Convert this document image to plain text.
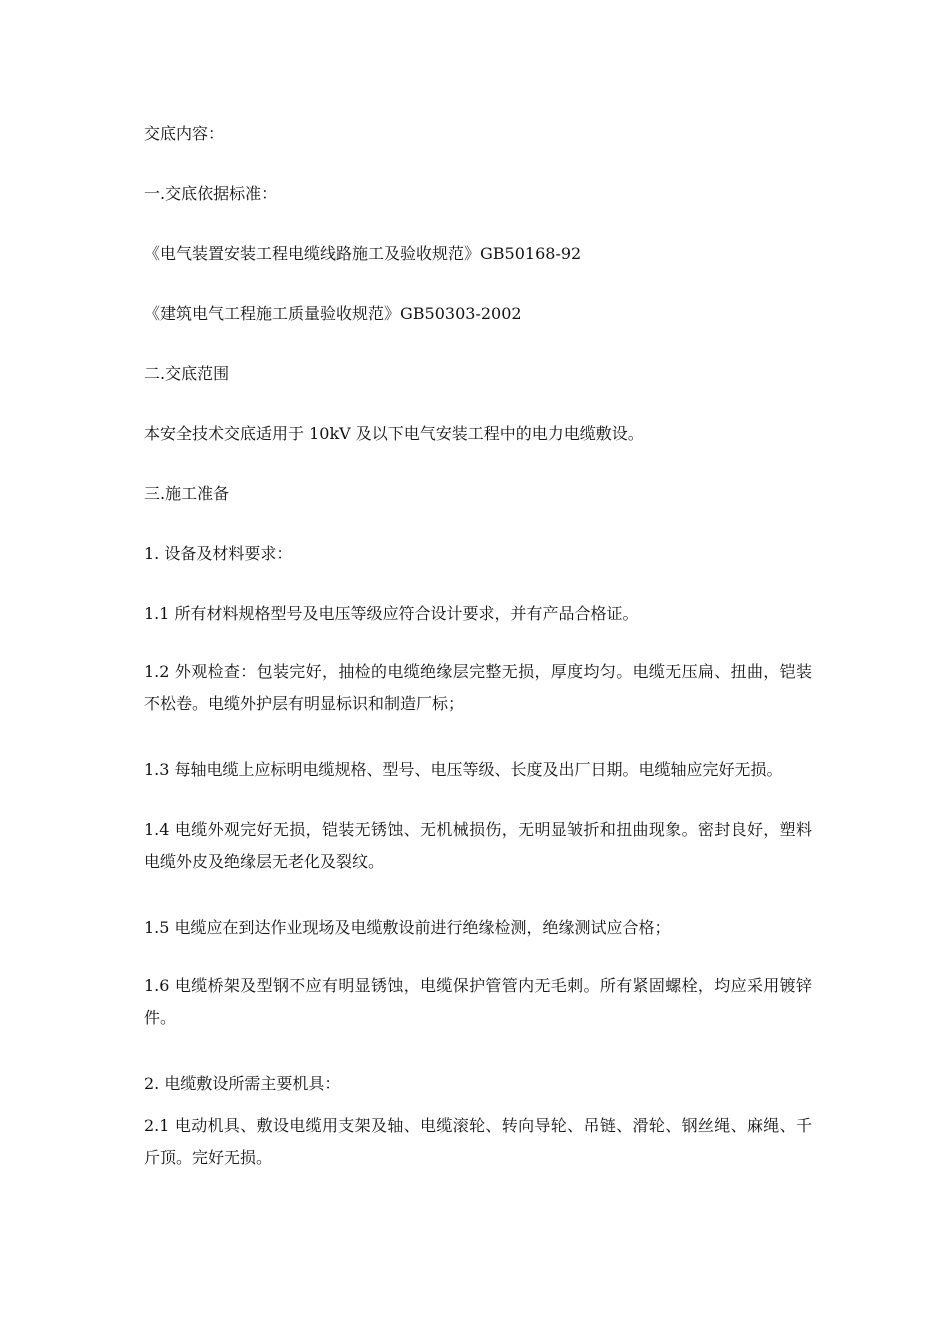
交底内容：
一.交底依据标准：
《电气装置安装工程电缆线路施工及验收规范》GB50168-92
《建筑电气工程施工质量验收规范》GB50303-2002
二.交底范围
本安全技术交底适用于 10kV 及以下电气安装工程中的电力电缆敷设。
三.施工准备
1. 设备及材料要求：
1.1 所有材料规格型号及电压等级应符合设计要求，并有产品合格证。
1.2 外观检查：包装完好，抽检的电缆绝缘层完整无损，厚度均匀。电缆无压扁、扭曲，铠装不松卷。电缆外护层有明显标识和制造厂标；
1.3 每轴电缆上应标明电缆规格、型号、电压等级、长度及出厂日期。电缆轴应完好无损。
1.4 电缆外观完好无损，铠装无锈蚀、无机械损伤，无明显皱折和扭曲现象。密封良好，塑料电缆外皮及绝缘层无老化及裂纹。
1.5 电缆应在到达作业现场及电缆敷设前进行绝缘检测，绝缘测试应合格；
1.6 电缆桥架及型钢不应有明显锈蚀，电缆保护管管内无毛刺。所有紧固螺栓，均应采用镀锌件。
2. 电缆敷设所需主要机具：
2.1 电动机具、敷设电缆用支架及轴、电缆滚轮、转向导轮、吊链、滑轮、钢丝绳、麻绳、千斤顶。完好无损。
